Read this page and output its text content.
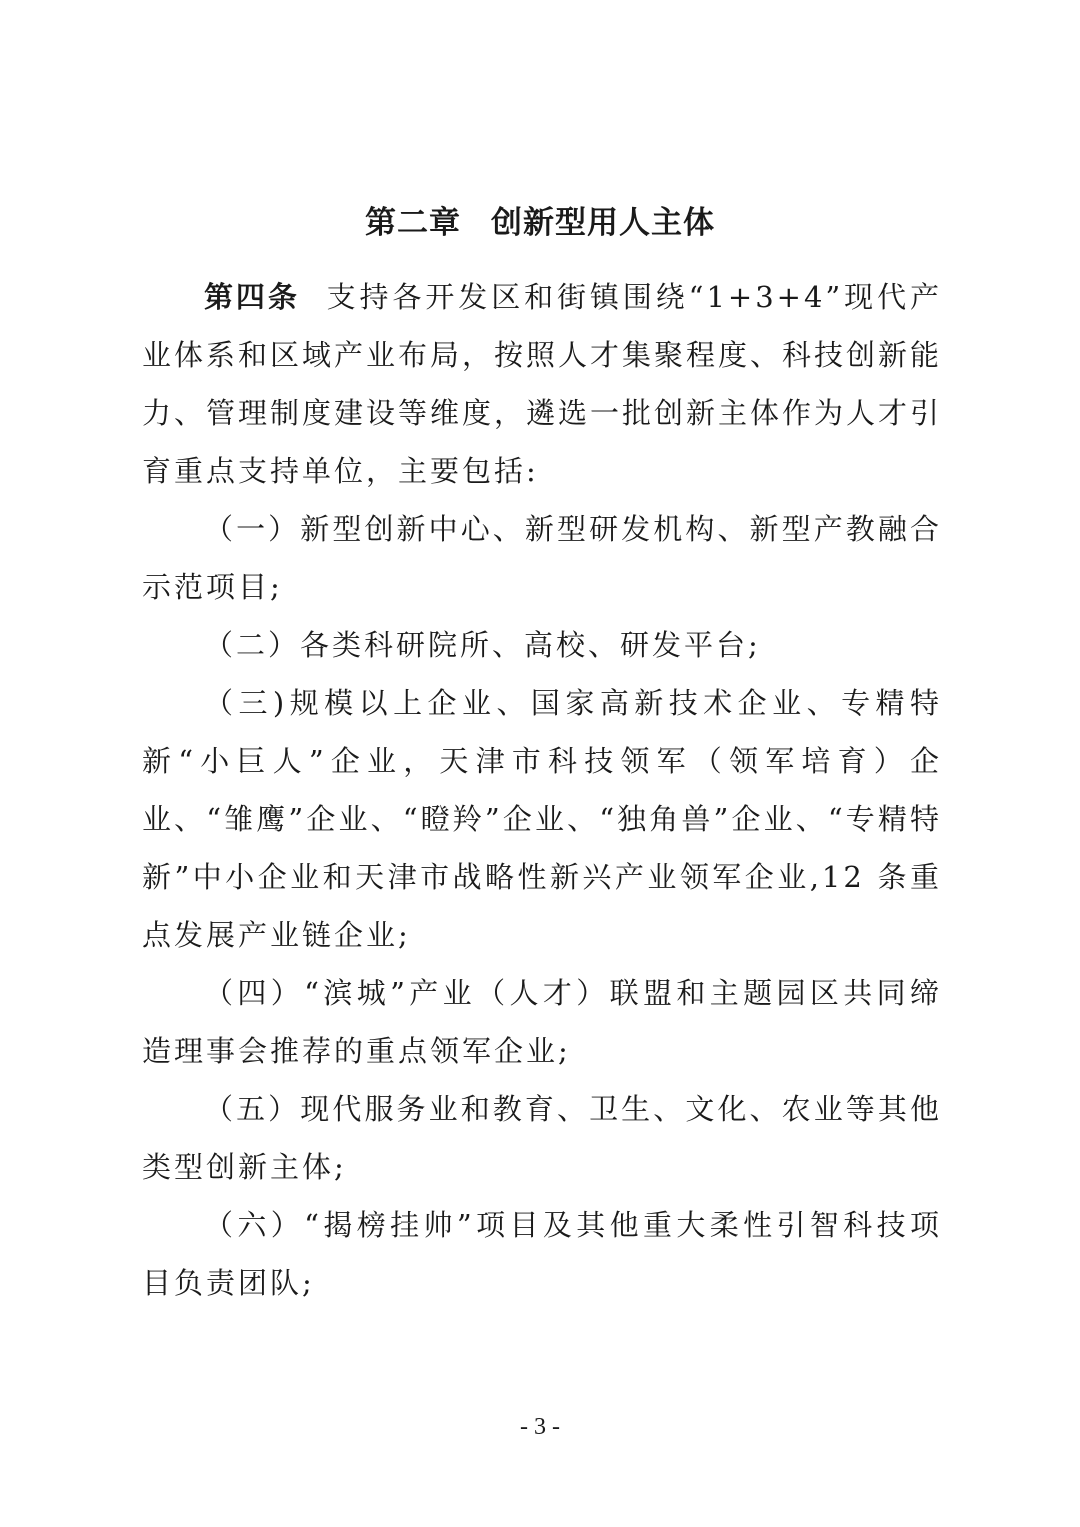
第二章 创新型用人主体

第四条 支持各开发区和街镇围绕“1+3+4”现代产业体系和区域产业布局，按照人才集聚程度、科技创新能力、管理制度建设等维度，遴选一批创新主体作为人才引育重点支持单位，主要包括:

（一）新型创新中心、新型研发机构、新型产教融合示范项目;

（二）各类科研院所、高校、研发平台;

（三)规模以上企业、国家高新技术企业、专精特新“小巨人”企业，天津市科技领军（领军培育）企业、“雏鹰”企业、“瞪羚”企业、“独角兽”企业、“专精特新”中小企业和天津市战略性新兴产业领军企业,12 条重点发展产业链企业;

（四）“滨城”产业（人才）联盟和主题园区共同缔造理事会推荐的重点领军企业;

（五）现代服务业和教育、卫生、文化、农业等其他类型创新主体;

（六）“揭榜挂帅”项目及其他重大柔性引智科技项目负责团队;

- 3 -
